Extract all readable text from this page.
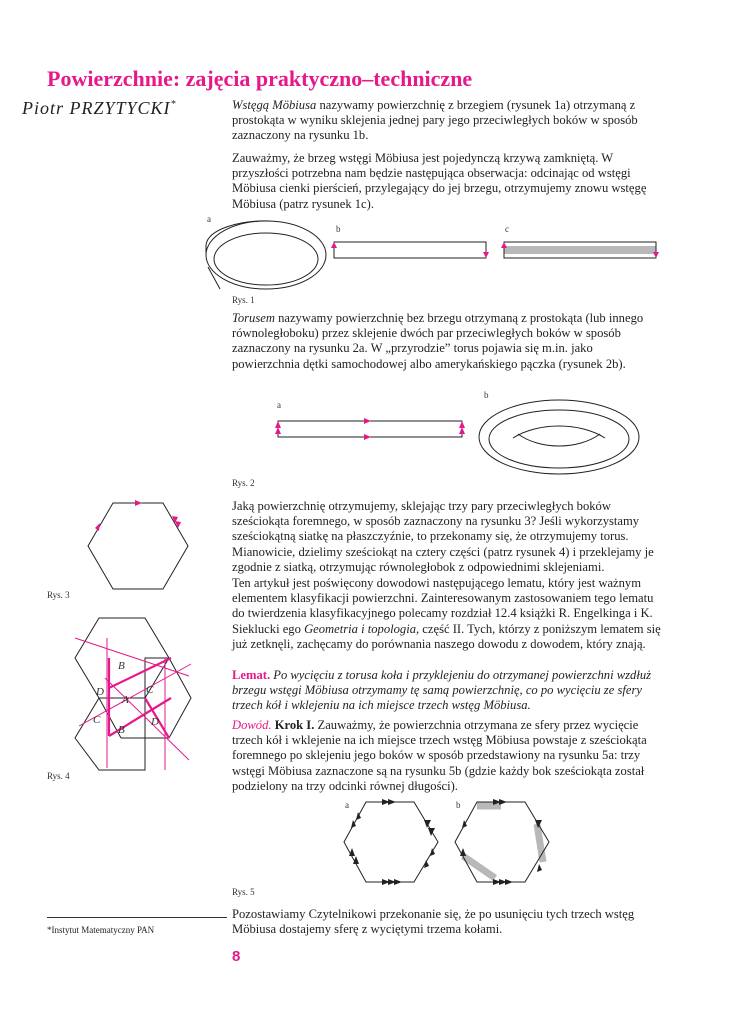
Powierzchnie: zajęcia praktyczno–techniczne
Piotr PRZYTYCKI*	Wstęgą Möbiusa nazywamy powierzchnię z brzegiem (rysunek 1a) otrzymaną z prostokąta w wyniku sklejenia jednej pary jego przeciwległych boków w sposób zaznaczony na rysunku 1b.

Zauważmy, że brzeg wstęgi Möbiusa jest pojedynczą krzywą zamkniętą. W przyszłości potrzebna nam będzie następująca obserwacja: odcinając od wstęgi Möbiusa cienki pierścień, przylegający do jej brzegu, otrzymujemy znowu wstęgę Möbiusa (patrz rysunek 1c).

a
b	c
Rys. 1

Torusem nazywamy powierzchnię bez brzegu otrzymaną z prostokąta (lub innego równoległoboku) przez sklejenie dwóch par przeciwległych boków w sposób zaznaczony na rysunku 2a. W „przyrodzie” torus pojawia się m.in. jako powierzchnia dętki samochodowej albo amerykańskiego pączka (rysunek 2b).

a
b
Rys. 2
Rys. 3
B
D
A
C
C
B
D
Rys. 4

Jaką powierzchnię otrzymujemy, sklejając trzy pary przeciwległych boków sześciokąta foremnego, w sposób zaznaczony na rysunku 3? Jeśli wykorzystamy sześciokątną siatkę na płaszczyźnie, to przekonamy się, że otrzymujemy torus. Mianowicie, dzielimy sześciokąt na cztery części (patrz rysunek 4) i przeklejamy je zgodnie z siatką, otrzymując równoległobok z odpowiednimi sklejeniami.

Ten artykuł jest poświęcony dowodowi następującego lematu, który jest ważnym elementem klasyfikacji powierzchni. Zainteresowanym zastosowaniem tego lematu do twierdzenia klasyfikacyjnego polecamy rozdział 12.4 książki R. Engelkinga i K. Sieklucki ego Geometria i topologia, część II. Tych, którzy z poniższym lematem się już zetknęli, zachęcamy do porównania naszego dowodu z dowodem, który znają.

Lemat. Po wycięciu z torusa koła i przyklejeniu do otrzymanej powierzchni wzdłuż brzegu wstęgi Möbiusa otrzymamy tę samą powierzchnię, co po wycięciu ze sfery trzech kół i wklejeniu na ich miejsce trzech wstęg Möbiusa.

Dowód. Krok I. Zauważmy, że powierzchnia otrzymana ze sfery przez wycięcie trzech kół i wklejenie na ich miejsce trzech wstęg Möbiusa powstaje z sześciokąta foremnego po sklejeniu jego boków w sposób przedstawiony na rysunku 5a: trzy wstęgi Möbiusa zaznaczone są na rysunku 5b (gdzie każdy bok sześciokąta został podzielony na trzy odcinki równej długości).

a	b
Rys. 5

Pozostawiamy Czytelnikowi przekonanie się, że po usunięciu tych trzech wstęg Möbiusa dostajemy sferę z wyciętymi trzema kołami.

*Instytut Matematyczny PAN
8
